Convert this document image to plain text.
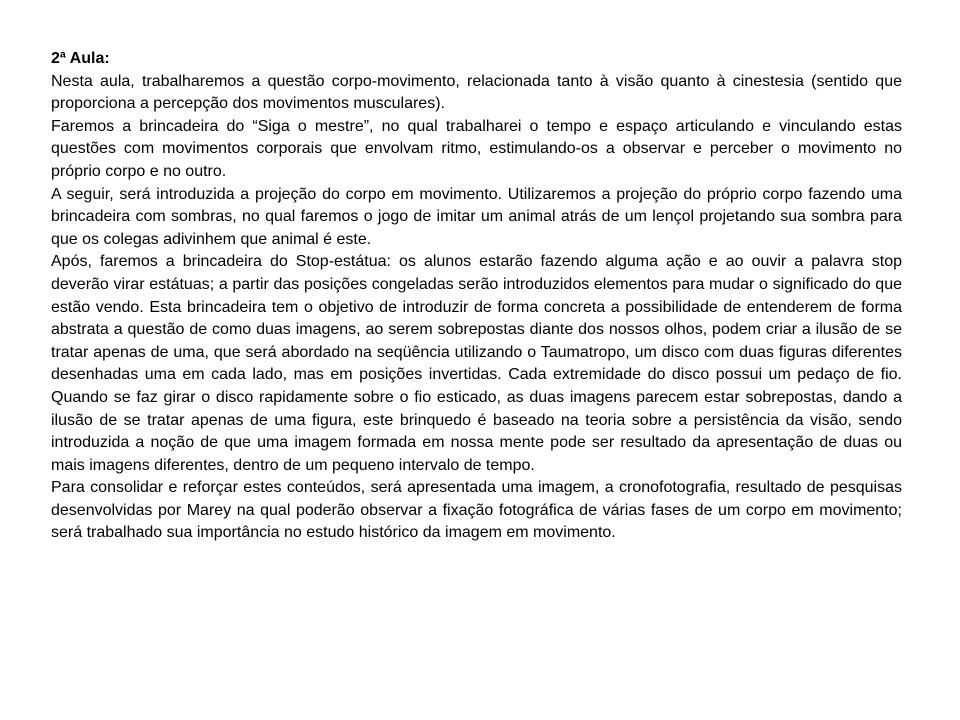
2ª Aula:

Nesta aula, trabalharemos a questão corpo-movimento, relacionada tanto à visão quanto à cinestesia (sentido que proporciona a percepção dos movimentos musculares).

Faremos a brincadeira do “Siga o mestre”, no qual trabalharei o tempo e espaço articulando e vinculando estas questões com movimentos corporais que envolvam ritmo, estimulando-os a observar e perceber o movimento no próprio corpo e no outro.

A seguir, será introduzida a projeção do corpo em movimento. Utilizaremos a projeção do próprio corpo fazendo uma brincadeira com sombras, no qual faremos o jogo de imitar um animal atrás de um lençol projetando sua sombra para que os colegas adivinhem que animal é este.

Após, faremos a brincadeira do Stop-estátua: os alunos estarão fazendo alguma ação e ao ouvir a palavra stop deverão virar estátuas; a partir das posições congeladas serão introduzidos elementos para mudar o significado do que estão vendo. Esta brincadeira tem o objetivo de introduzir de forma concreta a possibilidade de entenderem de forma abstrata a questão de como duas imagens, ao serem sobrepostas diante dos nossos olhos, podem criar a ilusão de se tratar apenas de uma, que será abordado na seqüência utilizando o Taumatropo, um disco com duas figuras diferentes desenhadas uma em cada lado, mas em posições invertidas. Cada extremidade do disco possui um pedaço de fio. Quando se faz girar o disco rapidamente sobre o fio esticado, as duas imagens parecem estar sobrepostas, dando a ilusão de se tratar apenas de uma figura, este brinquedo é baseado na teoria sobre a persistência da visão, sendo introduzida a noção de que uma imagem formada em nossa mente pode ser resultado da apresentação de duas ou mais imagens diferentes, dentro de um pequeno intervalo de tempo.

Para consolidar e reforçar estes conteúdos, será apresentada uma imagem, a cronofotografia, resultado de pesquisas desenvolvidas por Marey na qual poderão observar a fixação fotográfica de várias fases de um corpo em movimento; será trabalhado sua importância no estudo histórico da imagem em movimento.
